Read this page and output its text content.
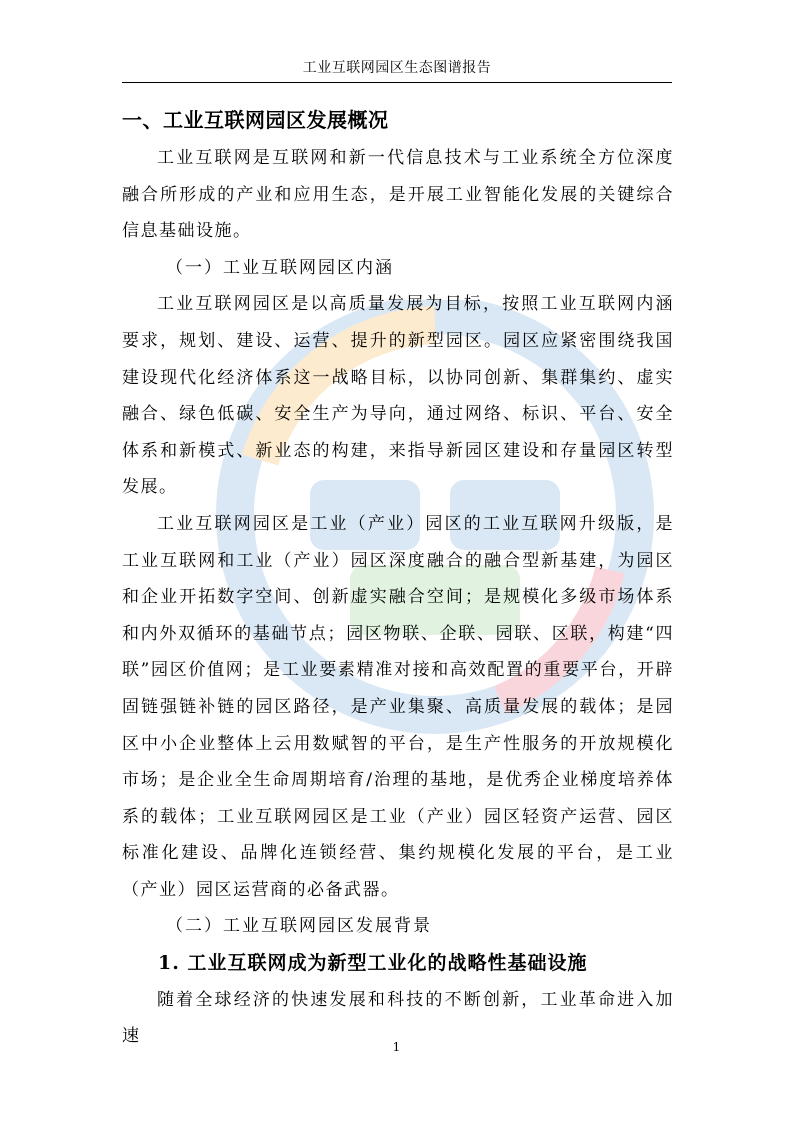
工业互联网园区生态图谱报告
一、工业互联网园区发展概况

工业互联网是互联网和新一代信息技术与工业系统全方位深度融合所形成的产业和应用生态，是开展工业智能化发展的关键综合信息基础设施。

（一）工业互联网园区内涵

工业互联网园区是以高质量发展为目标，按照工业互联网内涵要求，规划、建设、运营、提升的新型园区。园区应紧密围绕我国建设现代化经济体系这一战略目标，以协同创新、集群集约、虚实融合、绿色低碳、安全生产为导向，通过网络、标识、平台、安全体系和新模式、新业态的构建，来指导新园区建设和存量园区转型发展。

工业互联网园区是工业（产业）园区的工业互联网升级版，是工业互联网和工业（产业）园区深度融合的融合型新基建，为园区和企业开拓数字空间、创新虚实融合空间；是规模化多级市场体系和内外双循环的基础节点；园区物联、企联、园联、区联，构建“四联”园区价值网；是工业要素精准对接和高效配置的重要平台，开辟固链强链补链的园区路径，是产业集聚、高质量发展的载体；是园区中小企业整体上云用数赋智的平台，是生产性服务的开放规模化市场；是企业全生命周期培育/治理的基地，是优秀企业梯度培养体系的载体；工业互联网园区是工业（产业）园区轻资产运营、园区标准化建设、品牌化连锁经营、集约规模化发展的平台，是工业（产业）园区运营商的必备武器。

（二）工业互联网园区发展背景
1. 工业互联网成为新型工业化的战略性基础设施

随着全球经济的快速发展和科技的不断创新，工业革命进入加速

1
